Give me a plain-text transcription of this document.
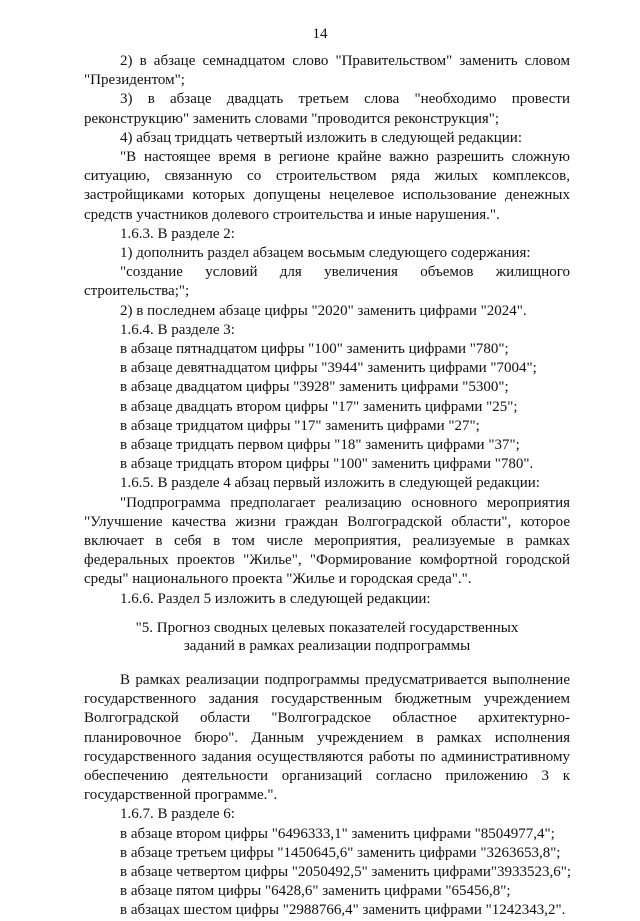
14

2) в абзаце семнадцатом слово "Правительством" заменить словом "Президентом";

3) в абзаце двадцать третьем слова "необходимо провести реконструкцию" заменить словами "проводится реконструкция";

4) абзац тридцать четвертый изложить в следующей редакции:

"В настоящее время в регионе крайне важно разрешить сложную ситуацию, связанную со строительством ряда жилых комплексов, застройщиками которых допущены нецелевое использование денежных средств участников долевого строительства и иные нарушения.".

1.6.3. В разделе 2:

1) дополнить раздел абзацем восьмым следующего содержания:

"создание условий для увеличения объемов жилищного строительства;";

2) в последнем абзаце цифры "2020" заменить цифрами "2024".

1.6.4. В разделе 3:

в абзаце пятнадцатом цифры "100" заменить цифрами "780";

в абзаце девятнадцатом цифры "3944" заменить цифрами "7004";

в абзаце двадцатом цифры "3928" заменить цифрами "5300";

в абзаце двадцать втором цифры "17" заменить цифрами "25";

в абзаце тридцатом цифры "17" заменить цифрами "27";

в абзаце тридцать первом цифры "18" заменить цифрами "37";

в абзаце тридцать втором цифры "100" заменить цифрами "780".

1.6.5. В разделе 4 абзац первый изложить в следующей редакции:

"Подпрограмма предполагает реализацию основного мероприятия "Улучшение качества жизни граждан Волгоградской области", которое включает в себя в том числе мероприятия, реализуемые в рамках федеральных проектов "Жилье", "Формирование комфортной городской среды" национального проекта "Жилье и городская среда".".

1.6.6. Раздел 5 изложить в следующей редакции:

"5. Прогноз сводных целевых показателей государственных заданий в рамках реализации подпрограммы

В рамках реализации подпрограммы предусматривается выполнение государственного задания государственным бюджетным учреждением Волгоградской области "Волгоградское областное архитектурно-планировочное бюро". Данным учреждением в рамках исполнения государственного задания осуществляются работы по административному обеспечению деятельности организаций согласно приложению 3 к государственной программе.".

1.6.7. В разделе 6:

в абзаце втором цифры "6496333,1" заменить цифрами "8504977,4";

в абзаце третьем цифры "1450645,6" заменить цифрами "3263653,8";

в абзаце четвертом цифры "2050492,5" заменить цифрами"3933523,6";

в абзаце пятом цифры "6428,6" заменить цифрами "65456,8";

в абзацах шестом цифры "2988766,4" заменить цифрами "1242343,2".
